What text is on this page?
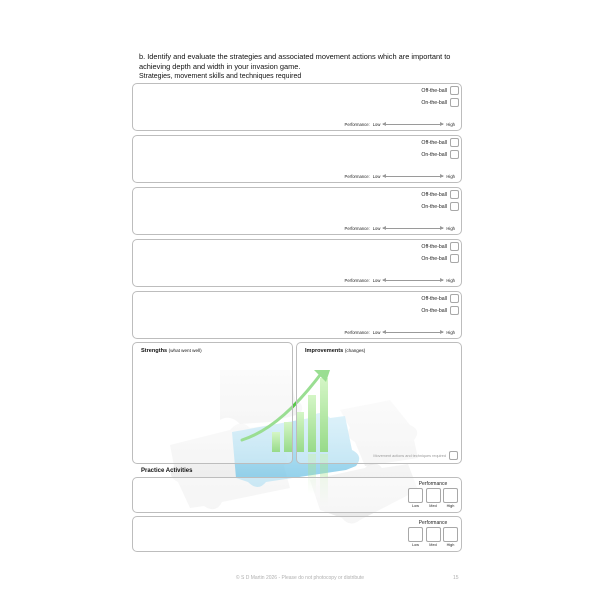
b. Identify and evaluate the strategies and associated movement actions which are important to achieving depth and width in your invasion game.
Strategies, movement skills and techniques required
Off-the-ball
On-the-ball
Performance: Low	High
Off-the-ball
On-the-ball
Performance: Low	High
Off-the-ball
On-the-ball
Performance: Low	High
Off-the-ball
On-the-ball
Performance: Low	High
Off-the-ball
On-the-ball
Performance: Low	High
Strengths (what went well)	Improvements (changes)
Movement actions and techniques required
Practice Activities
Performance
Low	Med	High
Performance
Low	Med	High
© S D Martin 2026 - Please do not photocopy or distribute	15
